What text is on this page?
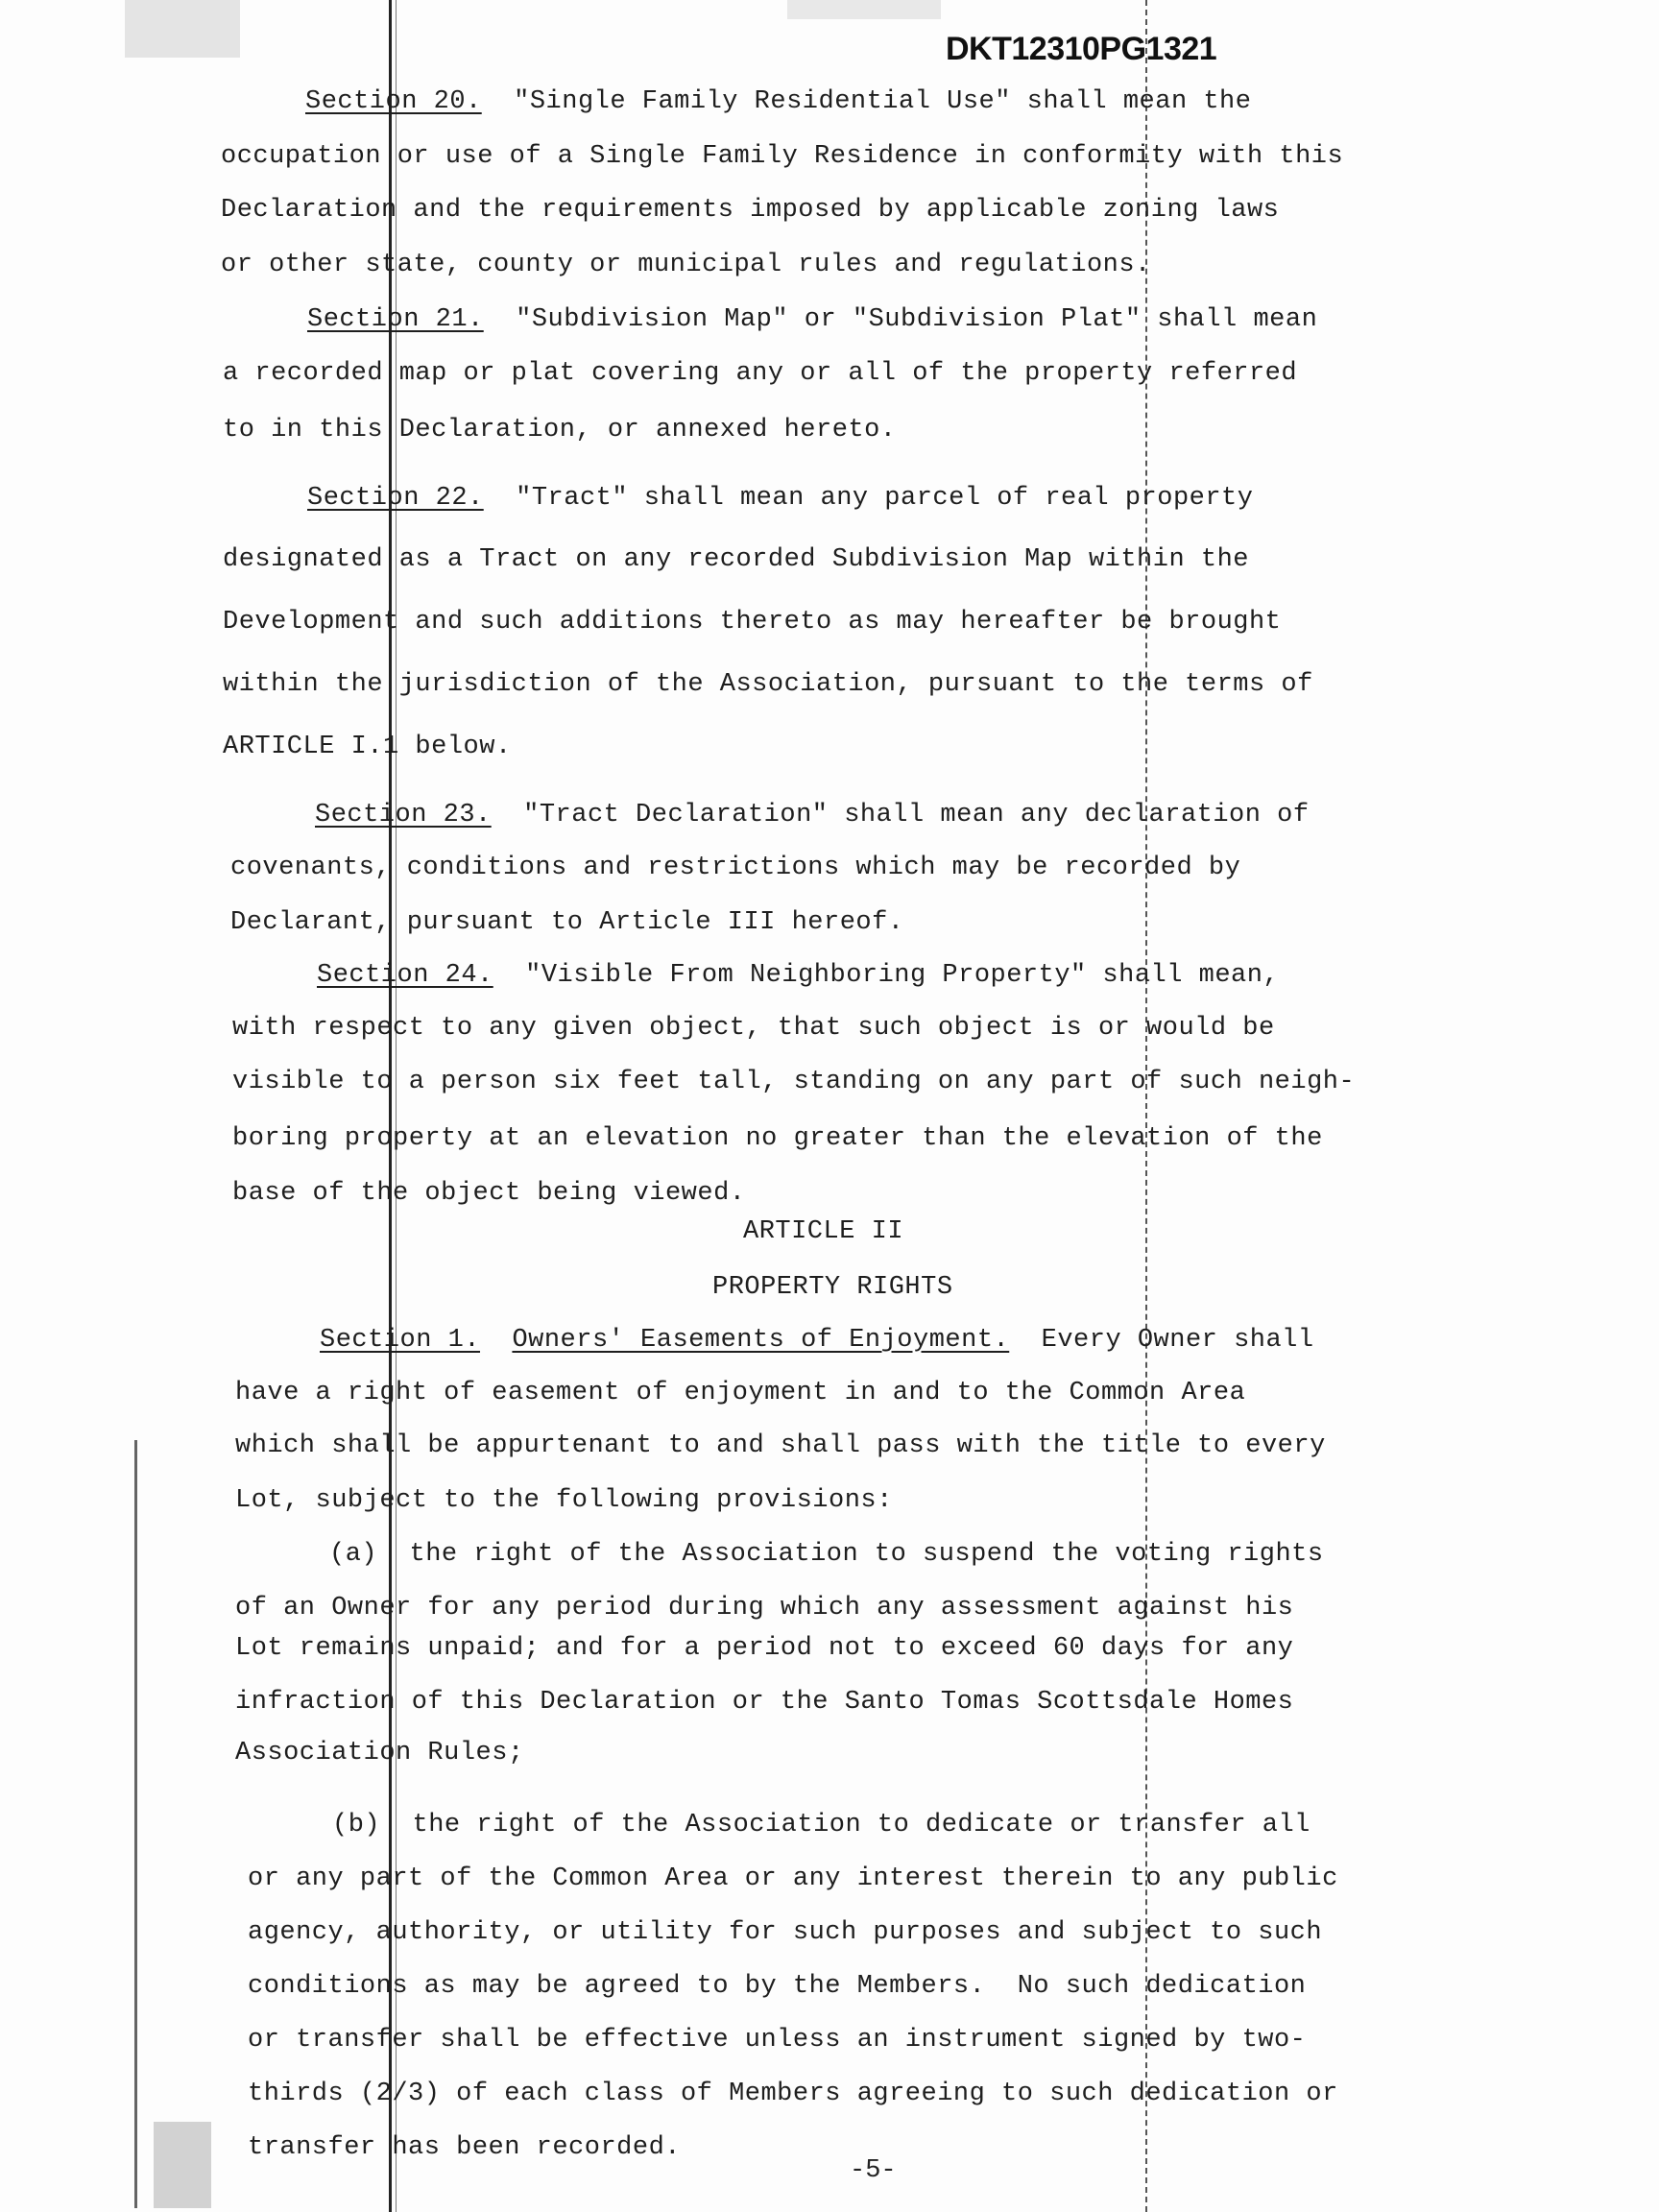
DKT12310PG1321
Section 20.  "Single Family Residential Use" shall mean the
occupation or use of a Single Family Residence in conformity with this
Declaration and the requirements imposed by applicable zoning laws
or other state, county or municipal rules and regulations.
Section 21.  "Subdivision Map" or "Subdivision Plat" shall mean
a recorded map or plat covering any or all of the property referred
to in this Declaration, or annexed hereto.
Section 22.  "Tract" shall mean any parcel of real property
designated as a Tract on any recorded Subdivision Map within the
Development and such additions thereto as may hereafter be brought
within the jurisdiction of the Association, pursuant to the terms of
ARTICLE I.1 below.
Section 23.  "Tract Declaration" shall mean any declaration of
covenants, conditions and restrictions which may be recorded by
Declarant, pursuant to Article III hereof.
Section 24.  "Visible From Neighboring Property" shall mean,
with respect to any given object, that such object is or would be
visible to a person six feet tall, standing on any part of such neigh-
boring property at an elevation no greater than the elevation of the
base of the object being viewed.
ARTICLE II
PROPERTY RIGHTS
Section 1. Owners' Easements of Enjoyment.  Every Owner shall
have a right of easement of enjoyment in and to the Common Area
which shall be appurtenant to and shall pass with the title to every
Lot, subject to the following provisions:
(a)  the right of the Association to suspend the voting rights
of an Owner for any period during which any assessment against his
Lot remains unpaid; and for a period not to exceed 60 days for any
infraction of this Declaration or the Santo Tomas Scottsdale Homes
Association Rules;
(b)  the right of the Association to dedicate or transfer all
or any part of the Common Area or any interest therein to any public
agency, authority, or utility for such purposes and subject to such
conditions as may be agreed to by the Members.  No such dedication
or transfer shall be effective unless an instrument signed by two-
thirds (2/3) of each class of Members agreeing to such dedication or
transfer has been recorded.
-5-
